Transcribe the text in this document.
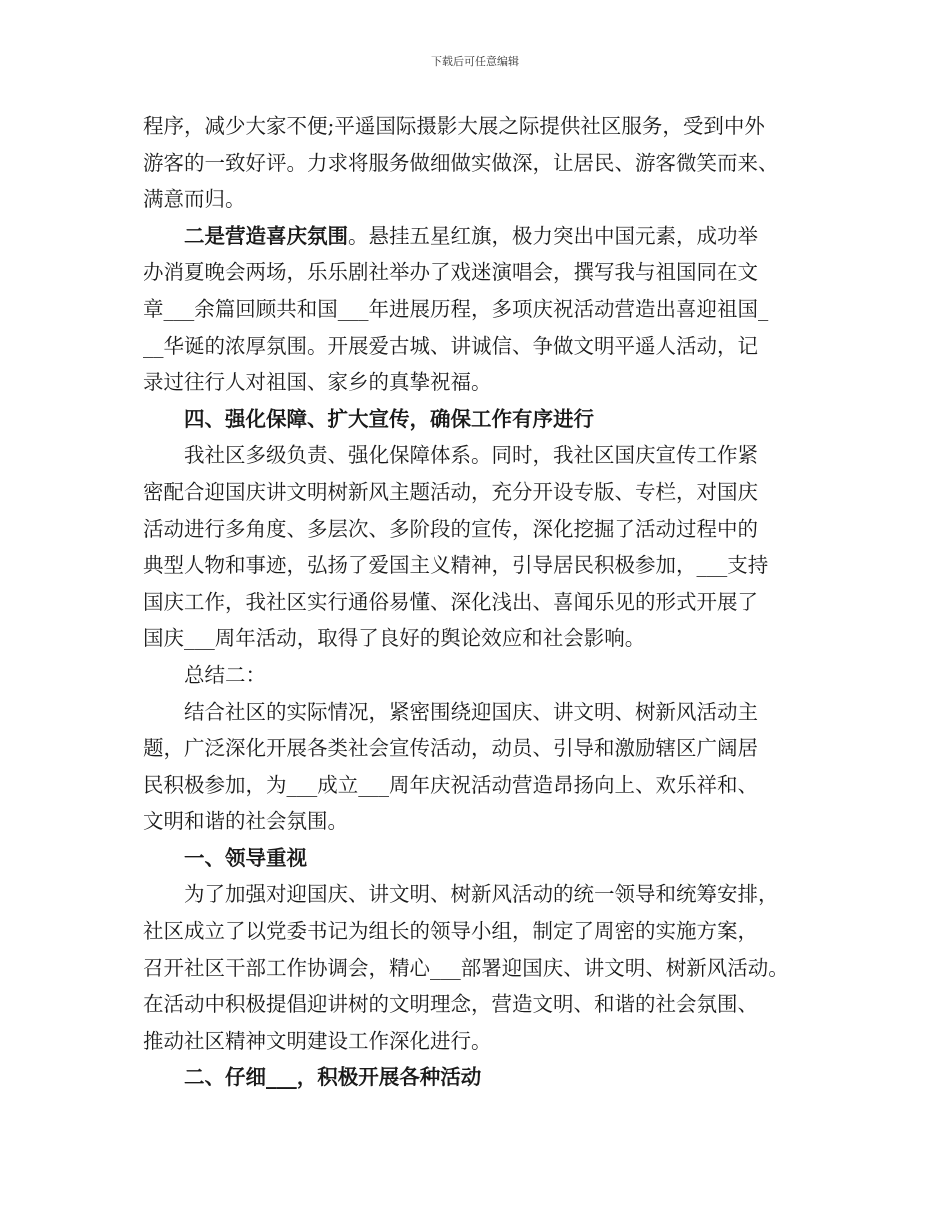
下载后可任意编辑

程序，减少大家不便;平遥国际摄影大展之际提供社区服务，受到中外

游客的一致好评。力求将服务做细做实做深，让居民、游客微笑而来、

满意而归。

二是营造喜庆氛围。悬挂五星红旗，极力突出中国元素，成功举

办消夏晚会两场，乐乐剧社举办了戏迷演唱会，撰写我与祖国同在文

章___余篇回顾共和国___年进展历程，多项庆祝活动营造出喜迎祖国_

__华诞的浓厚氛围。开展爱古城、讲诚信、争做文明平遥人活动，记

录过往行人对祖国、家乡的真挚祝福。

四、强化保障、扩大宣传，确保工作有序进行

我社区多级负责、强化保障体系。同时，我社区国庆宣传工作紧

密配合迎国庆讲文明树新风主题活动，充分开设专版、专栏，对国庆

活动进行多角度、多层次、多阶段的宣传，深化挖掘了活动过程中的

典型人物和事迹，弘扬了爱国主义精神，引导居民积极参加，___支持

国庆工作，我社区实行通俗易懂、深化浅出、喜闻乐见的形式开展了

国庆___周年活动，取得了良好的舆论效应和社会影响。

总结二：

结合社区的实际情况，紧密围绕迎国庆、讲文明、树新风活动主

题，广泛深化开展各类社会宣传活动，动员、引导和激励辖区广阔居

民积极参加，为___成立___周年庆祝活动营造昂扬向上、欢乐祥和、

文明和谐的社会氛围。

一、领导重视

为了加强对迎国庆、讲文明、树新风活动的统一领导和统筹安排，

社区成立了以党委书记为组长的领导小组，制定了周密的实施方案，

召开社区干部工作协调会，精心___部署迎国庆、讲文明、树新风活动。

在活动中积极提倡迎讲树的文明理念，营造文明、和谐的社会氛围、

推动社区精神文明建设工作深化进行。

二、仔细___，积极开展各种活动
